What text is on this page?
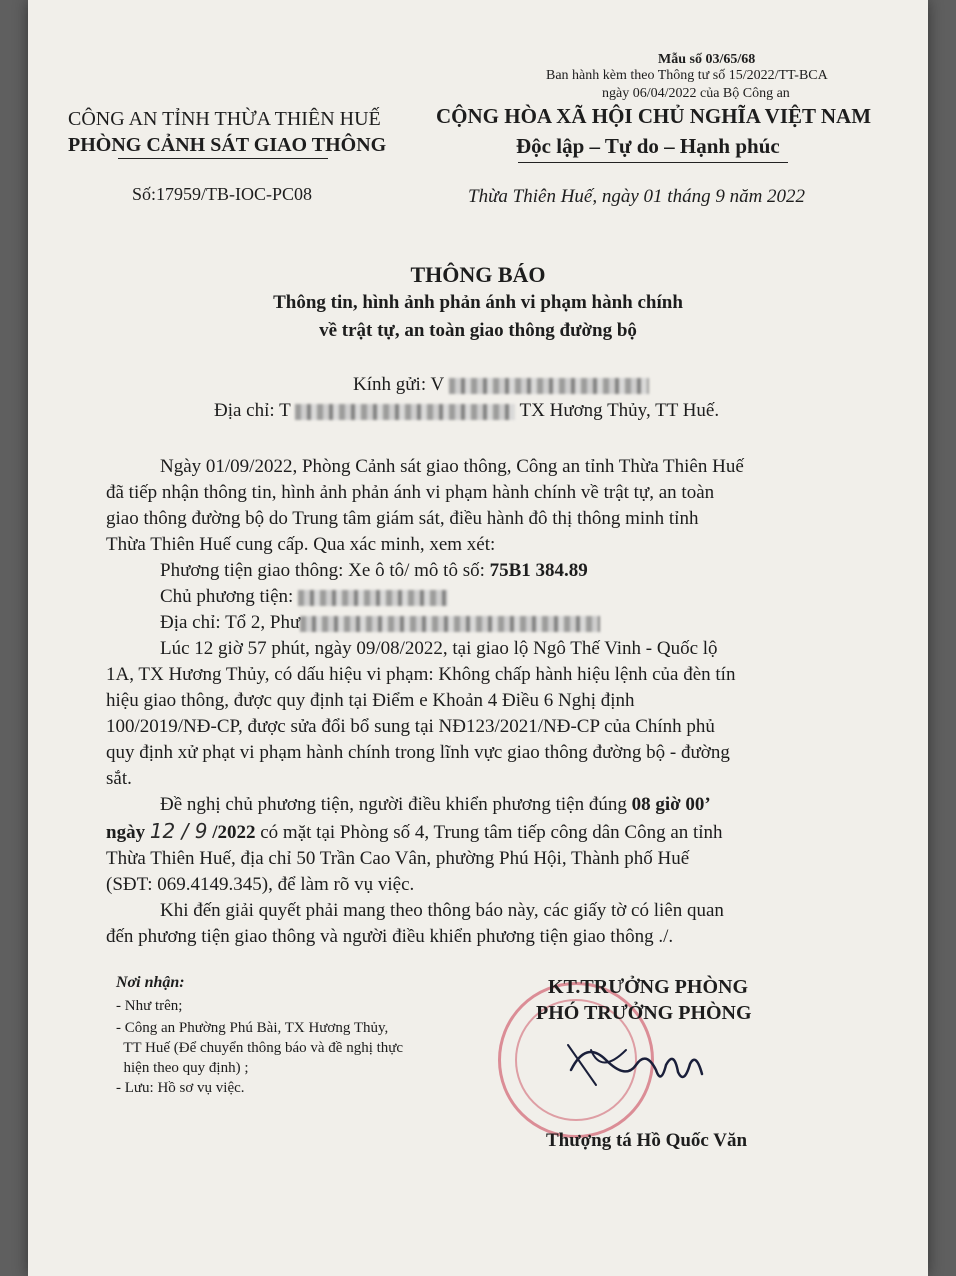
Mẫu số 03/65/68
Ban hành kèm theo Thông tư số 15/2022/TT-BCA
ngày 06/04/2022 của Bộ Công an
CÔNG AN TỈNH THỪA THIÊN HUẾ
PHÒNG CẢNH SÁT GIAO THÔNG
CỘNG HÒA XÃ HỘI CHỦ NGHĨA VIỆT NAM
Độc lập – Tự do – Hạnh phúc
Số:17959/TB-IOC-PC08	Thừa Thiên Huế, ngày 01 tháng 9 năm 2022
THÔNG BÁO
Thông tin, hình ảnh phản ánh vi phạm hành chính
về trật tự, an toàn giao thông đường bộ
Kính gửi: V
Địa chỉ: T	TX Hương Thủy, TT Huế.
Ngày 01/09/2022, Phòng Cảnh sát giao thông, Công an tỉnh Thừa Thiên Huế
đã tiếp nhận thông tin, hình ảnh phản ánh vi phạm hành chính về trật tự, an toàn
giao thông đường bộ do Trung tâm giám sát, điều hành đô thị thông minh tỉnh
Thừa Thiên Huế cung cấp. Qua xác minh, xem xét:
Phương tiện giao thông: Xe ô tô/ mô tô số: 75B1 384.89
Chủ phương tiện:
Địa chỉ: Tổ 2, Phư
Lúc 12 giờ 57 phút, ngày 09/08/2022, tại giao lộ Ngô Thế Vinh - Quốc lộ
1A, TX Hương Thủy, có dấu hiệu vi phạm: Không chấp hành hiệu lệnh của đèn tín
hiệu giao thông, được quy định tại Điểm e Khoản 4 Điều 6 Nghị định
100/2019/NĐ-CP, được sửa đổi bổ sung tại NĐ123/2021/NĐ-CP của Chính phủ
quy định xử phạt vi phạm hành chính trong lĩnh vực giao thông đường bộ - đường
sắt.
Đề nghị chủ phương tiện, người điều khiển phương tiện đúng 08 giờ 00’
ngày 12 / 9 /2022 có mặt tại Phòng số 4, Trung tâm tiếp công dân Công an tỉnh
Thừa Thiên Huế, địa chỉ 50 Trần Cao Vân, phường Phú Hội, Thành phố Huế
(SĐT: 069.4149.345), để làm rõ vụ việc.
Khi đến giải quyết phải mang theo thông báo này, các giấy tờ có liên quan
đến phương tiện giao thông và người điều khiển phương tiện giao thông ./.
Nơi nhận:
- Như trên;
- Công an Phường Phú Bài, TX Hương Thủy,
TT Huế (Để chuyển thông báo và đề nghị thực
hiện theo quy định) ;
- Lưu: Hồ sơ vụ việc.
KT.TRƯỞNG PHÒNG
PHÓ TRƯỞNG PHÒNG
Thượng tá Hồ Quốc Văn
